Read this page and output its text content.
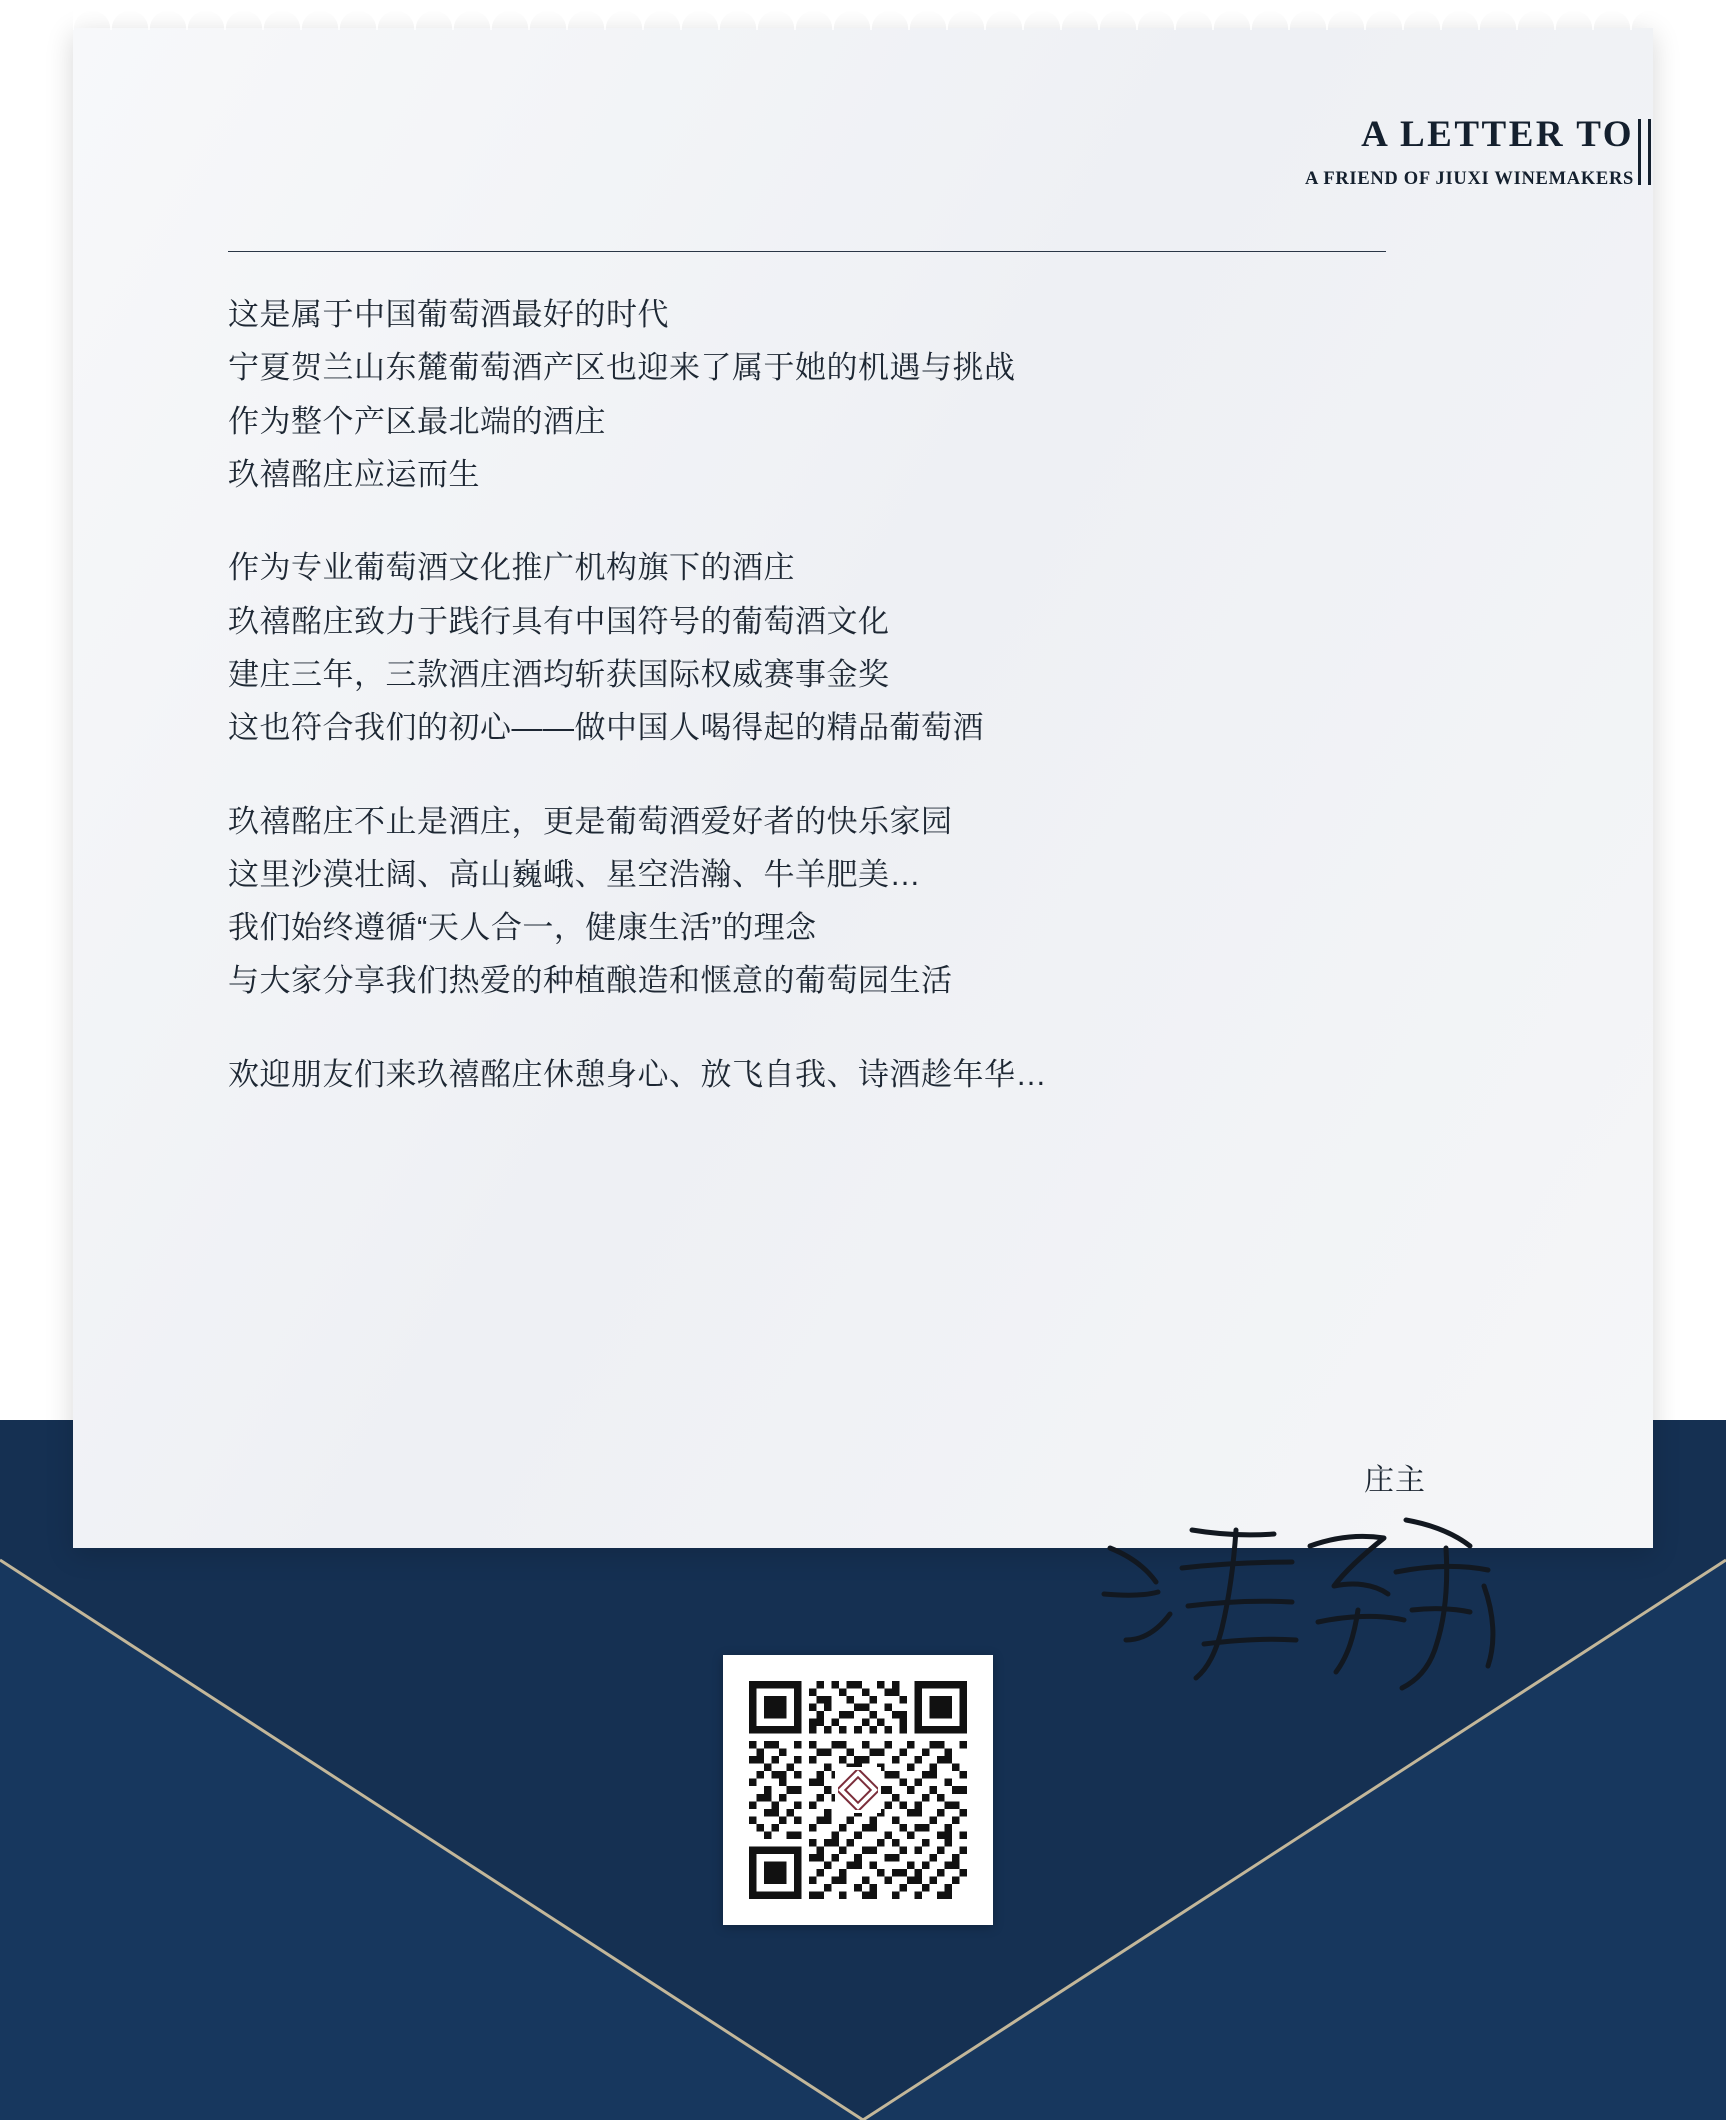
A LETTER TO
A FRIEND OF JIUXI WINEMAKERS

这是属于中国葡萄酒最好的时代

宁夏贺兰山东麓葡萄酒产区也迎来了属于她的机遇与挑战

作为整个产区最北端的酒庄

玖禧酩庄应运而生

作为专业葡萄酒文化推广机构旗下的酒庄

玖禧酩庄致力于践行具有中国符号的葡萄酒文化

建庄三年，三款酒庄酒均斩获国际权威赛事金奖

这也符合我们的初心——做中国人喝得起的精品葡萄酒

玖禧酩庄不止是酒庄，更是葡萄酒爱好者的快乐家园

这里沙漠壮阔、高山巍峨、星空浩瀚、牛羊肥美…

我们始终遵循“天人合一，健康生活”的理念

与大家分享我们热爱的种植酿造和惬意的葡萄园生活

欢迎朋友们来玖禧酩庄休憩身心、放飞自我、诗酒趁年华…

庄主
